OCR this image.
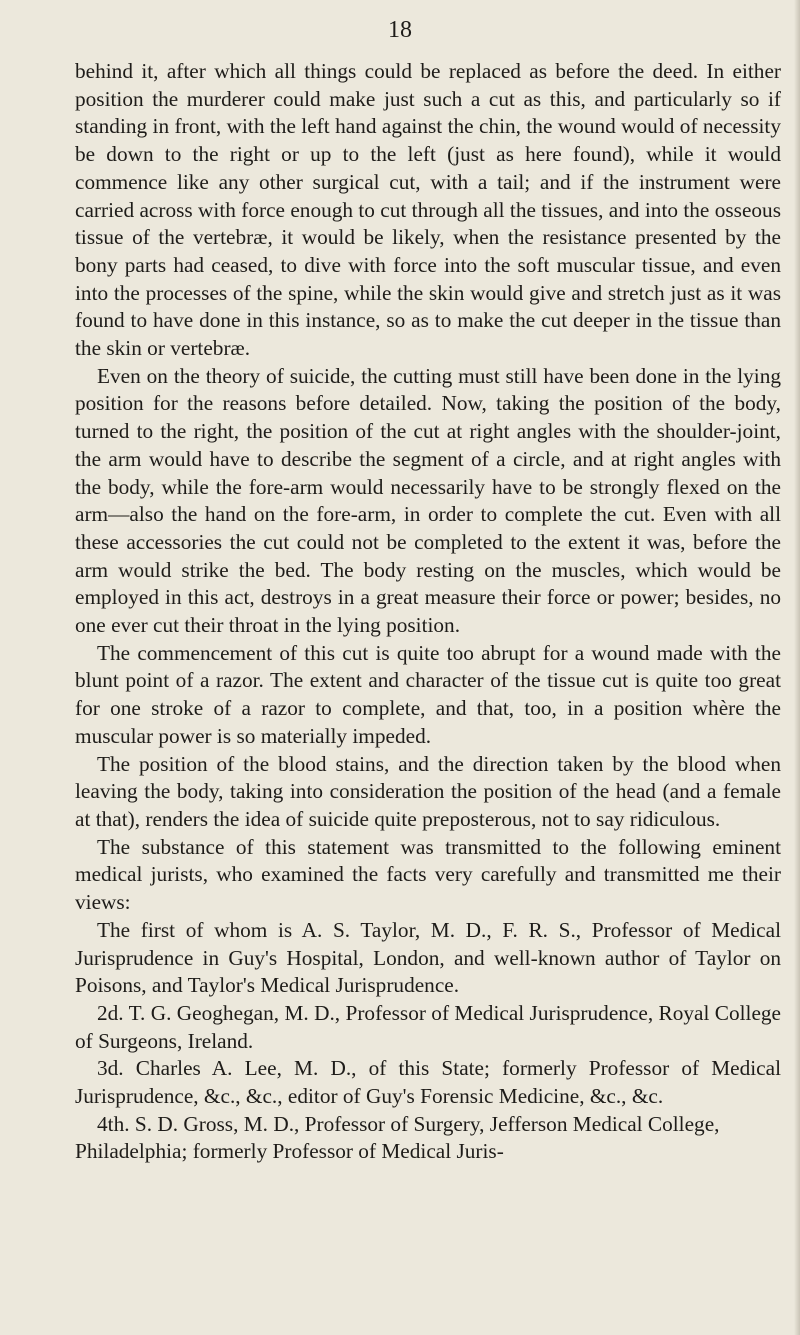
18

behind it, after which all things could be replaced as before the deed. In either position the murderer could make just such a cut as this, and particularly so if standing in front, with the left hand against the chin, the wound would of necessity be down to the right or up to the left (just as here found), while it would commence like any other surgical cut, with a tail; and if the instrument were carried across with force enough to cut through all the tissues, and into the osseous tissue of the vertebræ, it would be likely, when the resistance presented by the bony parts had ceased, to dive with force into the soft muscular tissue, and even into the processes of the spine, while the skin would give and stretch just as it was found to have done in this instance, so as to make the cut deeper in the tissue than the skin or vertebræ.

Even on the theory of suicide, the cutting must still have been done in the lying position for the reasons before detailed. Now, taking the position of the body, turned to the right, the position of the cut at right angles with the shoulder-joint, the arm would have to describe the segment of a circle, and at right angles with the body, while the fore-arm would necessarily have to be strongly flexed on the arm—also the hand on the fore-arm, in order to complete the cut. Even with all these accessories the cut could not be completed to the extent it was, before the arm would strike the bed. The body resting on the muscles, which would be employed in this act, destroys in a great measure their force or power; besides, no one ever cut their throat in the lying position.

The commencement of this cut is quite too abrupt for a wound made with the blunt point of a razor. The extent and character of the tissue cut is quite too great for one stroke of a razor to complete, and that, too, in a position whère the muscular power is so materially impeded.

The position of the blood stains, and the direction taken by the blood when leaving the body, taking into consideration the position of the head (and a female at that), renders the idea of suicide quite preposterous, not to say ridiculous.

The substance of this statement was transmitted to the following eminent medical jurists, who examined the facts very carefully and transmitted me their views:

The first of whom is A. S. Taylor, M. D., F. R. S., Professor of Medical Jurisprudence in Guy's Hospital, London, and well-known author of Taylor on Poisons, and Taylor's Medical Jurisprudence.

2d. T. G. Geoghegan, M. D., Professor of Medical Jurisprudence, Royal College of Surgeons, Ireland.

3d. Charles A. Lee, M. D., of this State; formerly Professor of Medical Jurisprudence, &c., &c., editor of Guy's Forensic Medicine, &c., &c.

4th. S. D. Gross, M. D., Professor of Surgery, Jefferson Medical College, Philadelphia; formerly Professor of Medical Juris-
